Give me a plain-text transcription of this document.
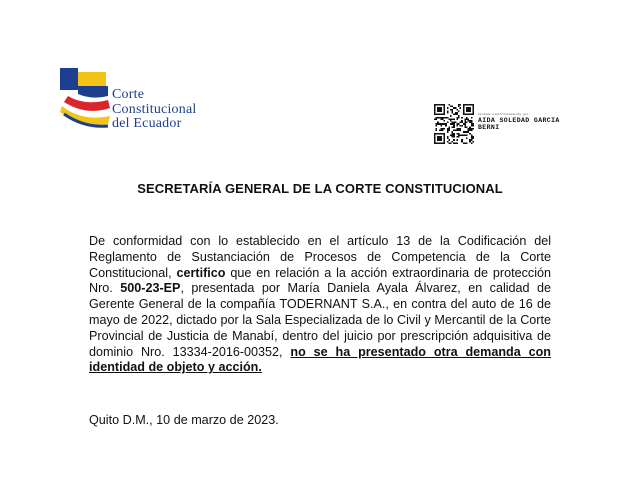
Corte
Constitucional
del Ecuador
Firmado electrónicamente por:
AIDA SOLEDAD GARCIA
BERNI
SECRETARÍA GENERAL DE LA CORTE CONSTITUCIONAL
De conformidad con lo establecido en el artículo 13 de la Codificación del Reglamento de Sustanciación de Procesos de Competencia de la Corte Constitucional, certifico que en relación a la acción extraordinaria de protección Nro. 500-23-EP, presentada por María Daniela Ayala Álvarez, en calidad de Gerente General de la compañía TODERNANT S.A., en contra del auto de 16 de mayo de 2022, dictado por la Sala Especializada de lo Civil y Mercantil de la Corte Provincial de Justicia de Manabí, dentro del juicio por prescripción adquisitiva de dominio Nro. 13334-2016-00352, no se ha presentado otra demanda con identidad de objeto y acción.
Quito D.M., 10 de marzo de 2023.
